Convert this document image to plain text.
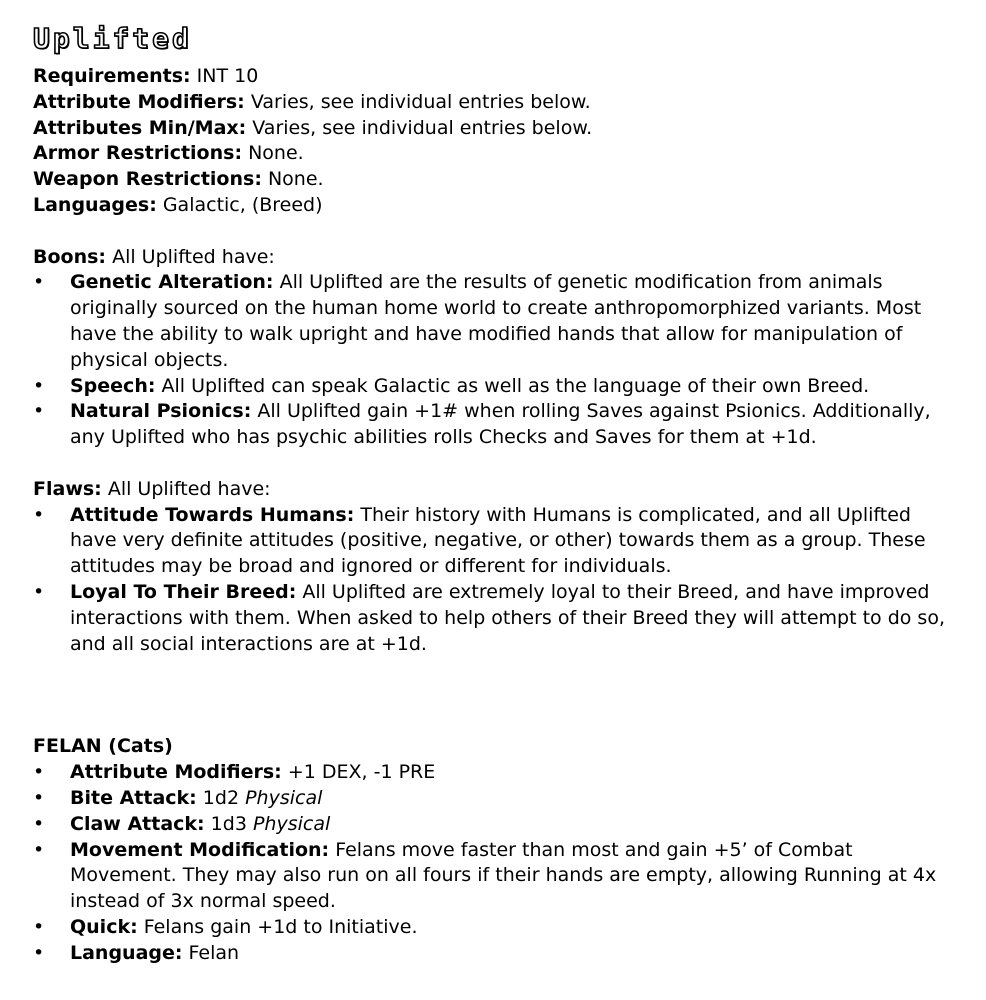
Uplifted

Requirements: INT 10

Attribute Modifiers: Varies, see individual entries below.

Attributes Min/Max: Varies, see individual entries below.

Armor Restrictions: None.

Weapon Restrictions: None.

Languages: Galactic, (Breed)

Boons: All Uplifted have:

• Genetic Alteration: All Uplifted are the results of genetic modification from animals originally sourced on the human home world to create anthropomorphized variants. Most have the ability to walk upright and have modified hands that allow for manipulation of physical objects.
• Speech: All Uplifted can speak Galactic as well as the language of their own Breed.
• Natural Psionics: All Uplifted gain +1# when rolling Saves against Psionics. Additionally, any Uplifted who has psychic abilities rolls Checks and Saves for them at +1d.

Flaws: All Uplifted have:

• Attitude Towards Humans: Their history with Humans is complicated, and all Uplifted have very definite attitudes (positive, negative, or other) towards them as a group. These attitudes may be broad and ignored or different for individuals.
• Loyal To Their Breed: All Uplifted are extremely loyal to their Breed, and have improved interactions with them. When asked to help others of their Breed they will attempt to do so, and all social interactions are at +1d.

FELAN (Cats)

• Attribute Modifiers: +1 DEX, -1 PRE
• Bite Attack: 1d2 Physical
• Claw Attack: 1d3 Physical
• Movement Modification: Felans move faster than most and gain +5’ of Combat Movement. They may also run on all fours if their hands are empty, allowing Running at 4x instead of 3x normal speed.
• Quick: Felans gain +1d to Initiative.
• Language: Felan
